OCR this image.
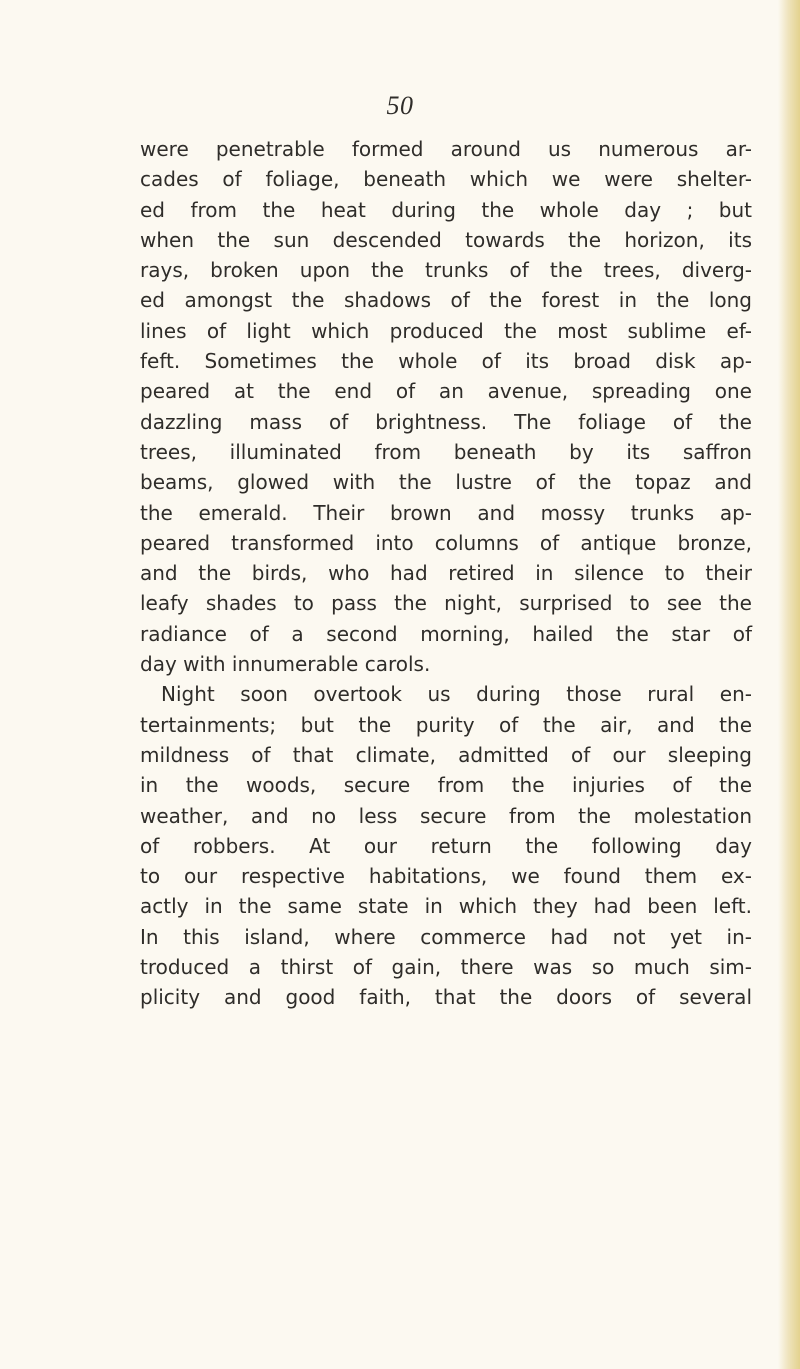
50
were penetrable formed around us numerous ar-
cades of foliage, beneath which we were shelter-
ed from the heat during the whole day ; but
when the sun descended towards the horizon, its
rays, broken upon the trunks of the trees, diverg-
ed amongst the shadows of the forest in the long
lines of light which produced the most sublime ef-
feft. Sometimes the whole of its broad disk ap-
peared at the end of an avenue, spreading one
dazzling mass of brightness. The foliage of the
trees, illuminated from beneath by its saffron
beams, glowed with the lustre of the topaz and
the emerald. Their brown and mossy trunks ap-
peared transformed into columns of antique bronze,
and the birds, who had retired in silence to their
leafy shades to pass the night, surprised to see the
radiance of a second morning, hailed the star of
day with innumerable carols.
Night soon overtook us during those rural en-
tertainments; but the purity of the air, and the
mildness of that climate, admitted of our sleeping
in the woods, secure from the injuries of the
weather, and no less secure from the molestation
of robbers. At our return the following day
to our respective habitations, we found them ex-
actly in the same state in which they had been left.
In this island, where commerce had not yet in-
troduced a thirst of gain, there was so much sim-
plicity and good faith, that the doors of several
